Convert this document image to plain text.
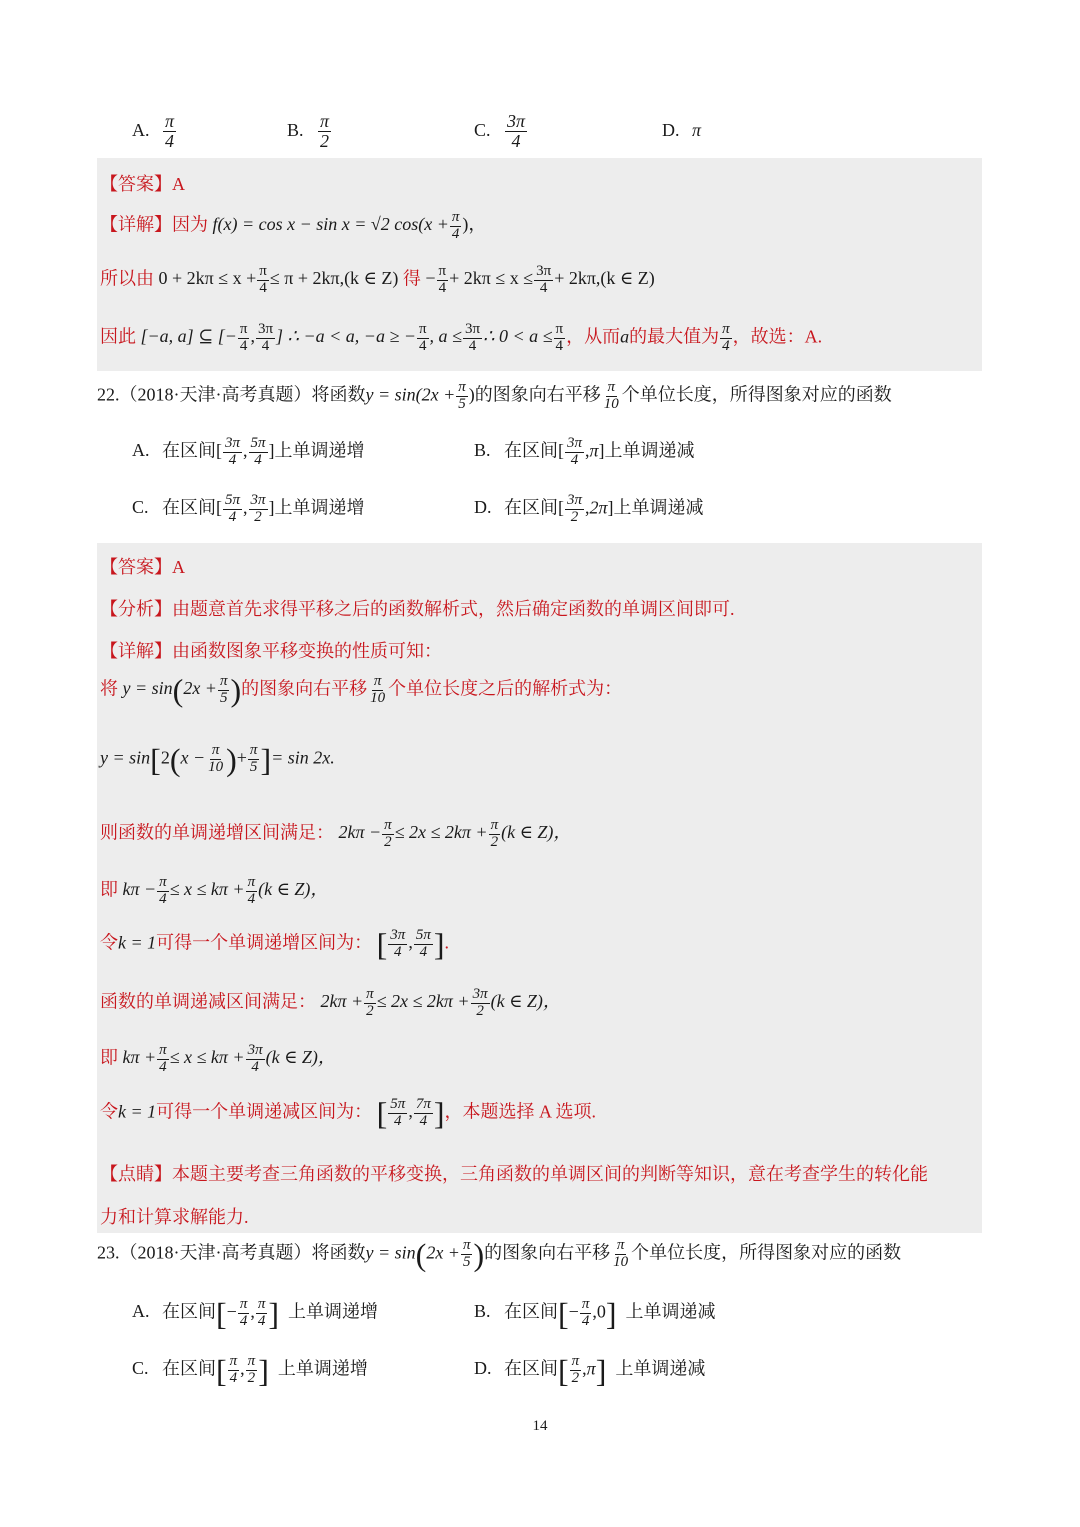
A. $\frac{\pi}{4}$	B. $\frac{\pi}{2}$	C. $\frac{3\pi}{4}$	D. π
【答案】A
【详解】因为 f(x) = cos x − sin x = √2 $\cos(x + \frac{\pi}{4}$ )，
所以由 $0 + 2k\pi \le x + \frac{\pi}{4} \le \pi + 2k\pi,(k$ ∈ Z) 得 − $\frac{\pi}{4} + 2k\pi \le x \le \frac{3\pi}{4} + 2k\pi,(k$ ∈ Z)
因此 [−a, a] ⊆ [− $\frac{\pi}{4}$ , $\frac{3\pi}{4}$ ] ∴ −a < a, −a ≥ − $\frac{\pi}{4}$ , $a \le \frac{3\pi}{4}$ ∴ $0 < a \le \frac{\pi}{4}$ ，从而a的最大值为 $\frac{\pi}{4}$ ，故选：A.
22.（2018·天津·高考真题）将函数$y = \sin(2x + \frac{\pi}{5}$ )的图象向右平移 $\frac{\pi}{10}$ 个单位长度，所得图象对应的函数
A. 在区间[ $\frac{3\pi}{4}$ , $\frac{5\pi}{4}$ ]上单调递增	B. 在区间[ $\frac{3\pi}{4} ,\pi$]上单调递减
C. 在区间[ $\frac{5\pi}{4}$ , $\frac{3\pi}{2}$ ]上单调递增	D. 在区间[ $\frac{3\pi}{2} ,2\pi$]上单调递减
【答案】A
【分析】由题意首先求得平移之后的函数解析式，然后确定函数的单调区间即可.
【详解】由函数图象平移变换的性质可知：
将 $y = \sin(2x + \frac{\pi}{5}$ )的图象向右平移 $\frac{\pi}{10}$ 个单位长度之后的解析式为：
$y = \sin[2(x - \frac{\pi}{10}$ )+ $\frac{\pi}{5}$ ]= sin 2x.
则函数的单调递增区间满足： $2k\pi - \frac{\pi}{2} \le 2x \le 2k\pi + \frac{\pi}{2} (k$ ∈ Z)，
即 $k\pi - \frac{\pi}{4} \le x \le k\pi + \frac{\pi}{4} (k$ ∈ Z)，
令k = 1可得一个单调递增区间为： [ $\frac{3\pi}{4}$ , $\frac{5\pi}{4}$ ].
函数的单调递减区间满足： $2k\pi + \frac{\pi}{2} \le 2x \le 2k\pi + \frac{3\pi}{2} (k$ ∈ Z)，
即 $k\pi + \frac{\pi}{4} \le x \le k\pi + \frac{3\pi}{4} (k$ ∈ Z)，
令k = 1可得一个单调递减区间为： [ $\frac{5\pi}{4}$ , $\frac{7\pi}{4}$ ]，本题选择 A 选项.
【点睛】本题主要考查三角函数的平移变换，三角函数的单调区间的判断等知识，意在考查学生的转化能
力和计算求解能力.
23.（2018·天津·高考真题）将函数$y = \sin(2x + \frac{\pi}{5}$ )的图象向右平移 $\frac{\pi}{10}$ 个单位长度，所得图象对应的函数
A. 在区间[− $\frac{\pi}{4}$ , $\frac{\pi}{4}$ ] 上单调递增	B. 在区间[− $\frac{\pi}{4} ,0$] 上单调递减
C. 在区间[ $\frac{\pi}{4}$ , $\frac{\pi}{2}$ ] 上单调递增	D. 在区间[ $\frac{\pi}{2} ,\pi$] 上单调递减
14
